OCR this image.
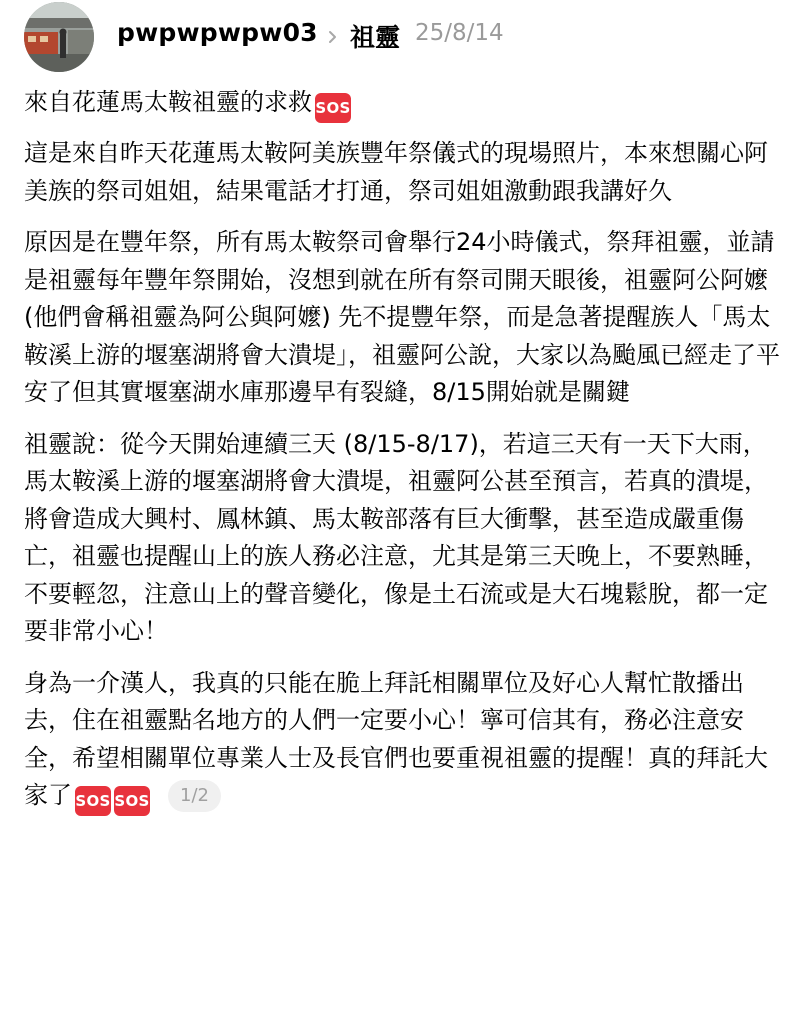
pwpwpwpw03 祖靈 25/8/14

來自花蓮馬太鞍祖靈的求救 SOS

這是來自昨天花蓮馬太鞍阿美族豐年祭儀式的現場照片，本來想關心阿美族的祭司姐姐，結果電話才打通，祭司姐姐激動跟我講好久

原因是在豐年祭，所有馬太鞍祭司會舉行24小時儀式，祭拜祖靈，並請是祖靈每年豐年祭開始，沒想到就在所有祭司開天眼後，祖靈阿公阿嬤 (他們會稱祖靈為阿公與阿嬤) 先不提豐年祭，而是急著提醒族人「馬太鞍溪上游的堰塞湖將會大潰堤」，祖靈阿公說，大家以為颱風已經走了平安了但其實堰塞湖水庫那邊早有裂縫，8/15開始就是關鍵

祖靈說：從今天開始連續三天 (8/15-8/17)，若這三天有一天下大雨，馬太鞍溪上游的堰塞湖將會大潰堤，祖靈阿公甚至預言，若真的潰堤，將會造成大興村、鳳林鎮、馬太鞍部落有巨大衝擊，甚至造成嚴重傷亡，祖靈也提醒山上的族人務必注意，尤其是第三天晚上，不要熟睡，不要輕忽，注意山上的聲音變化，像是土石流或是大石塊鬆脫，都一定要非常小心！

身為一介漢人，我真的只能在脆上拜託相關單位及好心人幫忙散播出去，住在祖靈點名地方的人們一定要小心！寧可信其有，務必注意安全，希望相關單位專業人士及長官們也要重視祖靈的提醒！真的拜託大家了 SOS SOS 1/2
